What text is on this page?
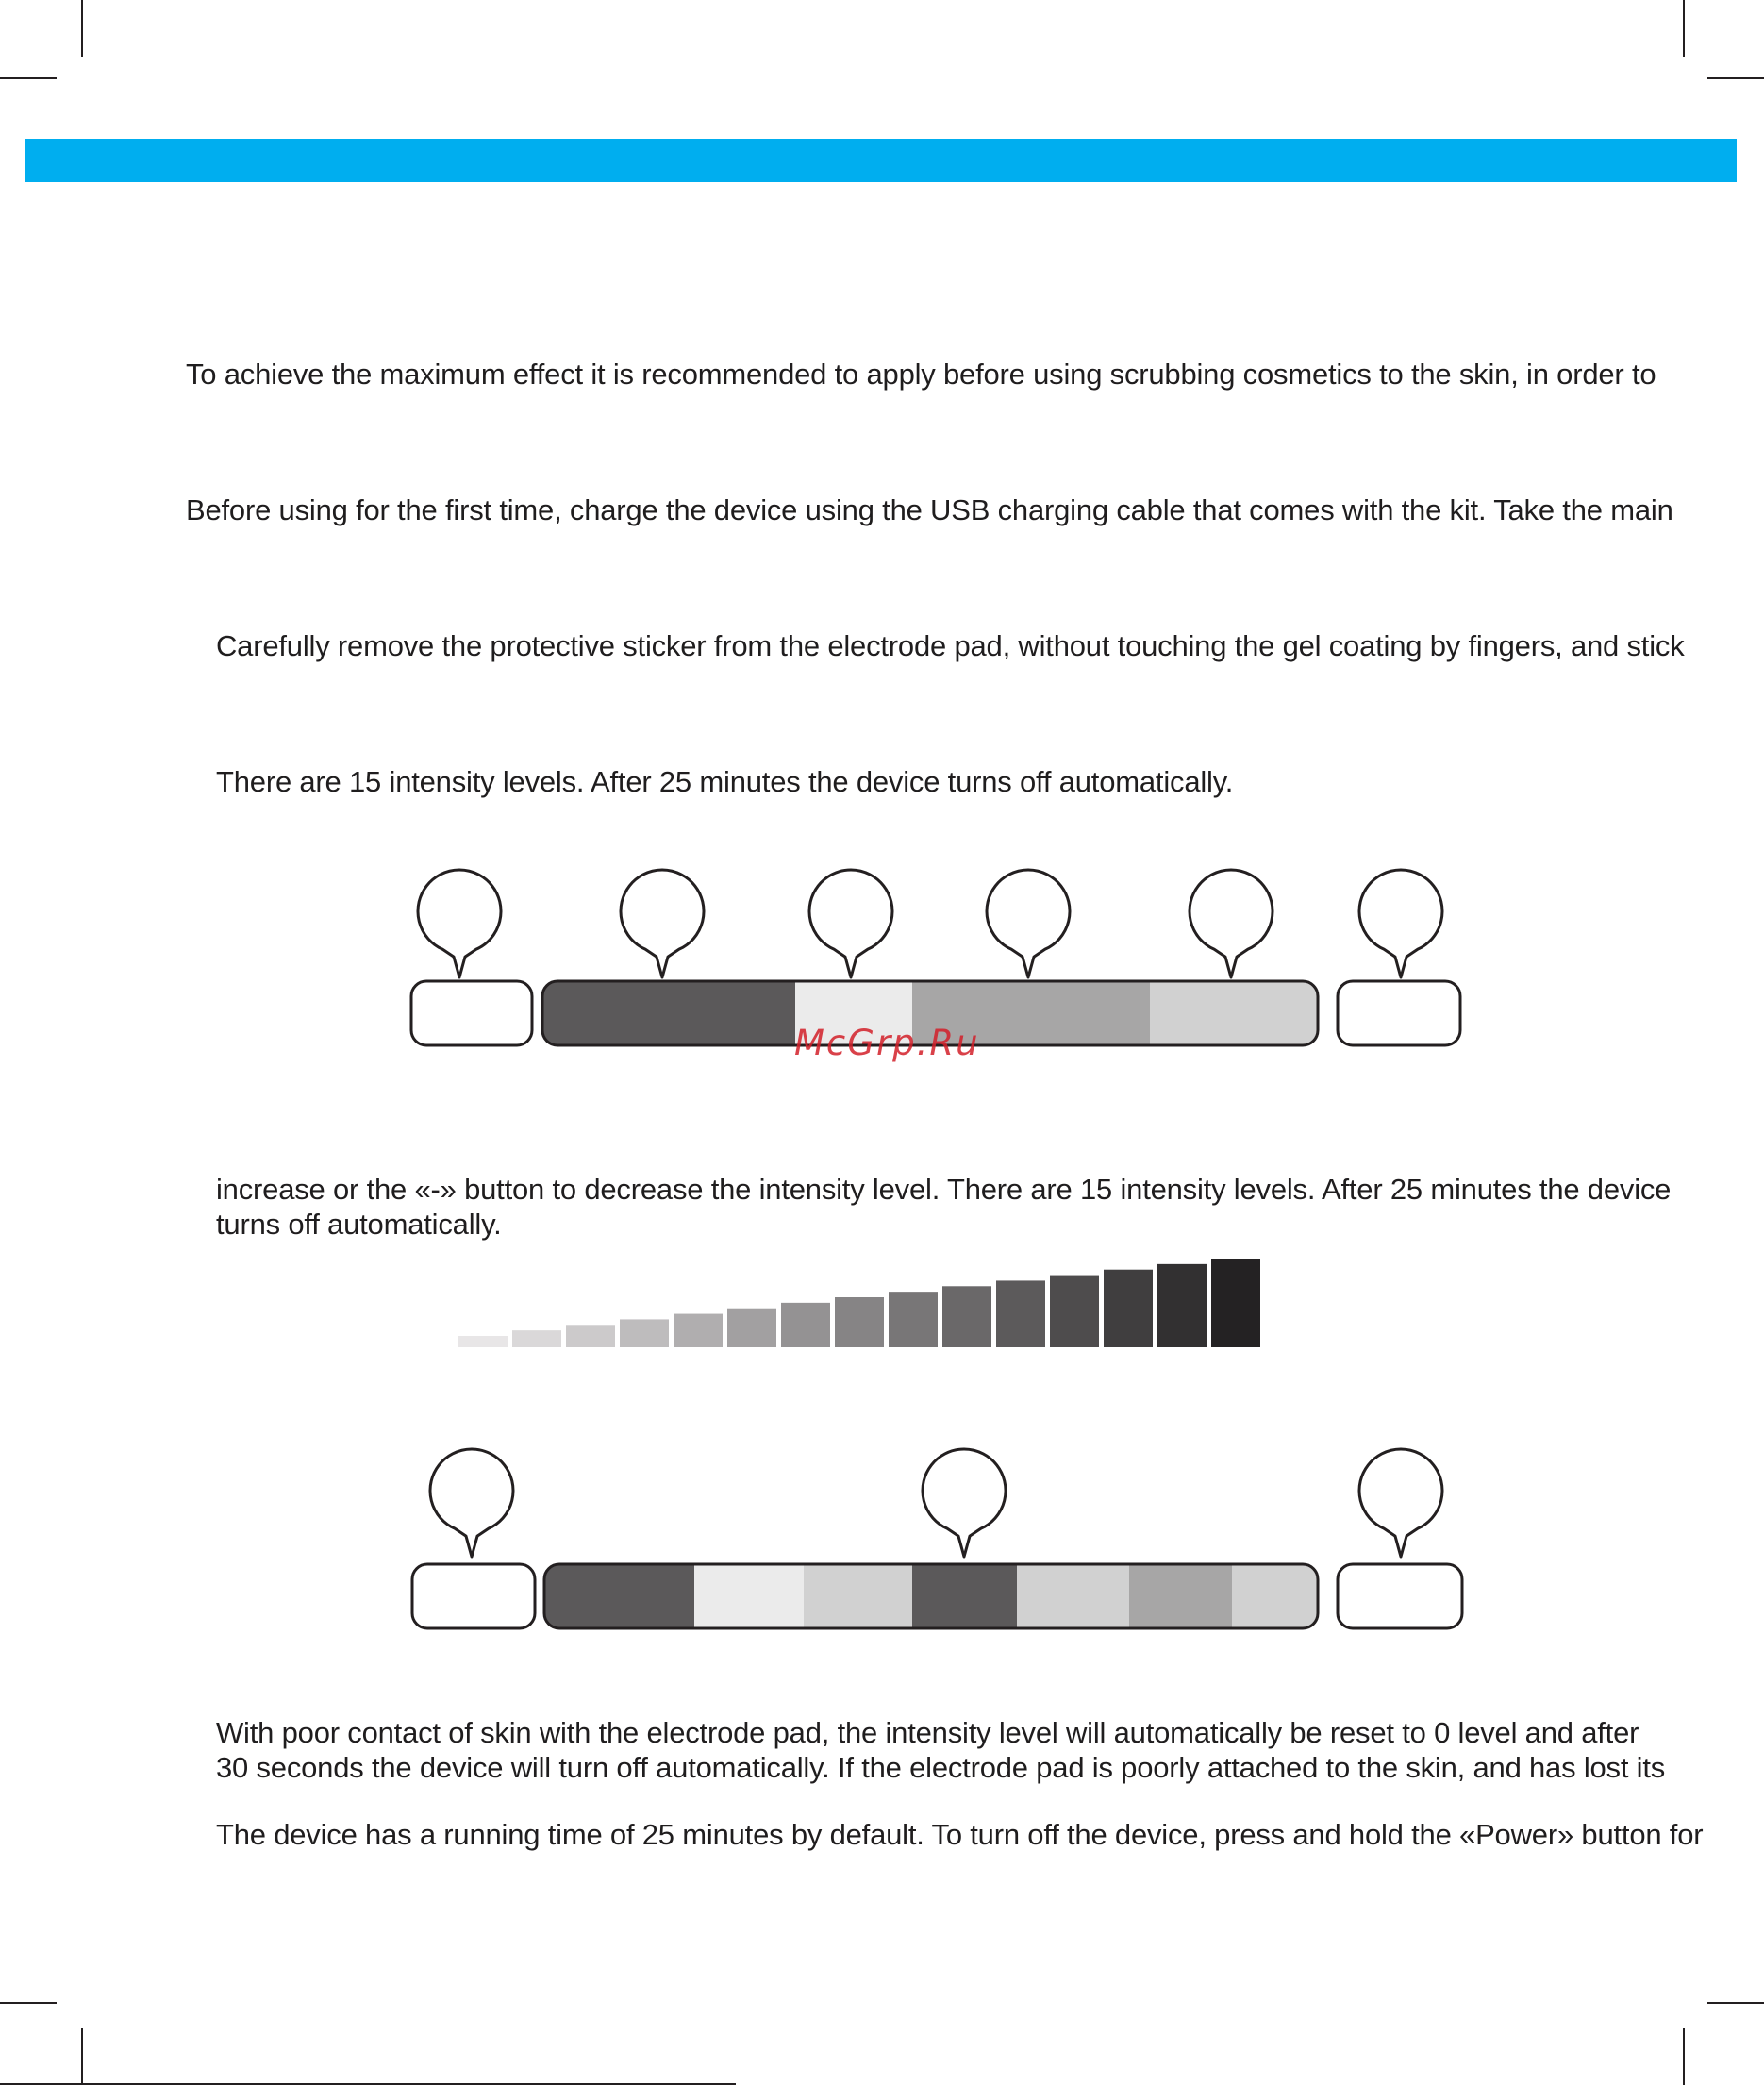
To achieve the maximum effect it is recommended to apply before using scrubbing cosmetics to the skin, in order to

Before using for the first time, charge the device using the USB charging cable that comes with the kit. Take the main

Carefully remove the protective sticker from the electrode pad, without touching the gel coating by fingers, and stick

There are 15 intensity levels. After 25 minutes the device turns off automatically.

increase or the «-» button to decrease the intensity level. There are 15 intensity levels. After 25 minutes the device
turns off automatically.

With poor contact of skin with the electrode pad, the intensity level will automatically be reset to 0 level and after
30 seconds the device will turn off automatically. If the electrode pad is poorly attached to the skin, and has lost its

The device has a running time of 25 minutes by default. To turn off the device, press and hold the «Power» button for

McGrp.Ru
